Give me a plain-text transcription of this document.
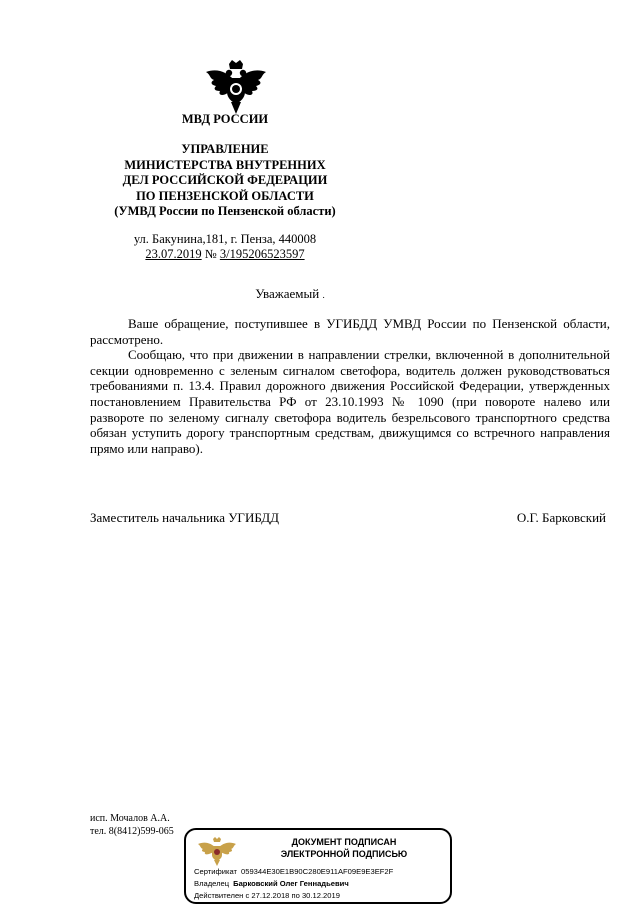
МВД РОССИИ
УПРАВЛЕНИЕ
МИНИСТЕРСТВА ВНУТРЕННИХ
ДЕЛ РОССИЙСКОЙ ФЕДЕРАЦИИ
ПО ПЕНЗЕНСКОЙ ОБЛАСТИ
(УМВД России по Пензенской области)
ул. Бакунина,181, г. Пенза, 440008
23.07.2019 № 3/195206523597
Уважаемый .

Ваше обращение, поступившее в УГИБДД УМВД России по Пензенской области, рассмотрено.

Сообщаю, что при движении в направлении стрелки, включенной в дополнительной секции одновременно с зеленым сигналом светофора, водитель должен руководствоваться требованиями п. 13.4. Правил дорожного движения Российской Федерации, утвержденных постановлением Правительства РФ от 23.10.1993 № 1090 (при повороте налево или развороте по зеленому сигналу светофора водитель безрельсового транспортного средства обязан уступить дорогу транспортным средствам, движущимся со встречного направления прямо или направо).

Заместитель начальника УГИБДД	О.Г. Барковский
исп. Мочалов А.А.
тел. 8(8412)599-065
ДОКУМЕНТ ПОДПИСАН
ЭЛЕКТРОННОЙ ПОДПИСЬЮ
Сертификат 059344E30E1B90C280E911AF09E9E3EF2F
Владелец Барковский Олег Геннадьевич
Действителен с 27.12.2018 по 30.12.2019
